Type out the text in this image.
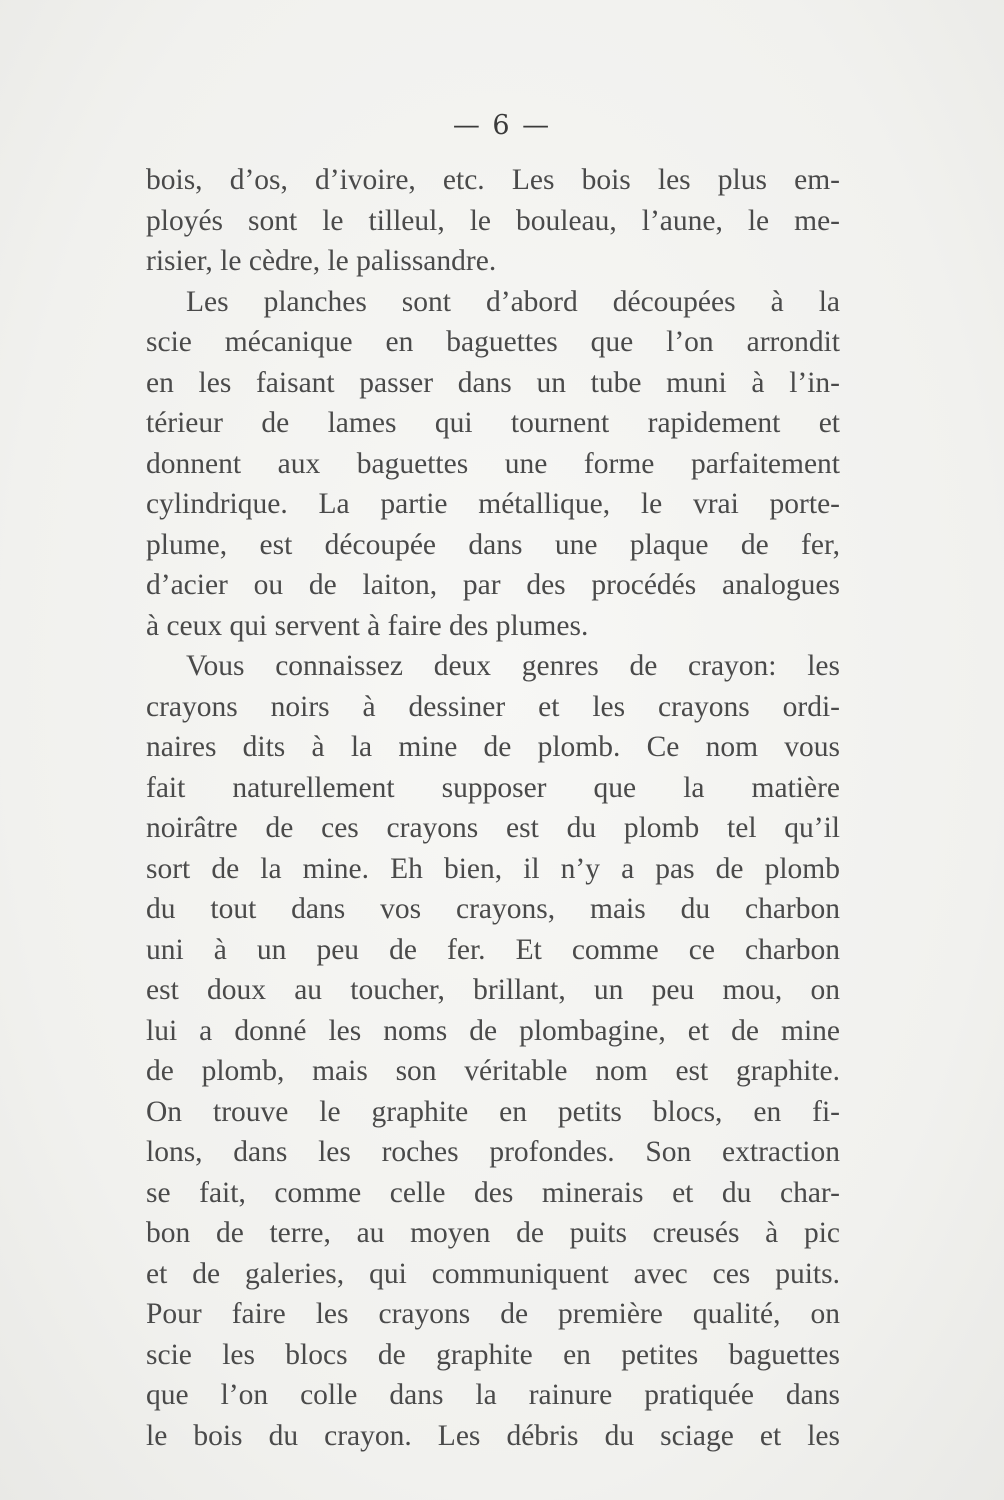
— 6 —
bois, d’os, d’ivoire, etc. Les bois les plus em-
ployés sont le tilleul, le bouleau, l’aune, le me-
risier, le cèdre, le palissandre.
Les planches sont d’abord découpées à la
scie mécanique en baguettes que l’on arrondit
en les faisant passer dans un tube muni à l’in-
térieur de lames qui tournent rapidement et
donnent aux baguettes une forme parfaitement
cylindrique. La partie métallique, le vrai porte-
plume, est découpée dans une plaque de fer,
d’acier ou de laiton, par des procédés analogues
à ceux qui servent à faire des plumes.
Vous connaissez deux genres de crayon: les
crayons noirs à dessiner et les crayons ordi-
naires dits à la mine de plomb. Ce nom vous
fait naturellement supposer que la matière
noirâtre de ces crayons est du plomb tel qu’il
sort de la mine. Eh bien, il n’y a pas de plomb
du tout dans vos crayons, mais du charbon
uni à un peu de fer. Et comme ce charbon
est doux au toucher, brillant, un peu mou, on
lui a donné les noms de plombagine, et de mine
de plomb, mais son véritable nom est graphite.
On trouve le graphite en petits blocs, en fi-
lons, dans les roches profondes. Son extraction
se fait, comme celle des minerais et du char-
bon de terre, au moyen de puits creusés à pic
et de galeries, qui communiquent avec ces puits.
Pour faire les crayons de première qualité, on
scie les blocs de graphite en petites baguettes
que l’on colle dans la rainure pratiquée dans
le bois du crayon. Les débris du sciage et les
